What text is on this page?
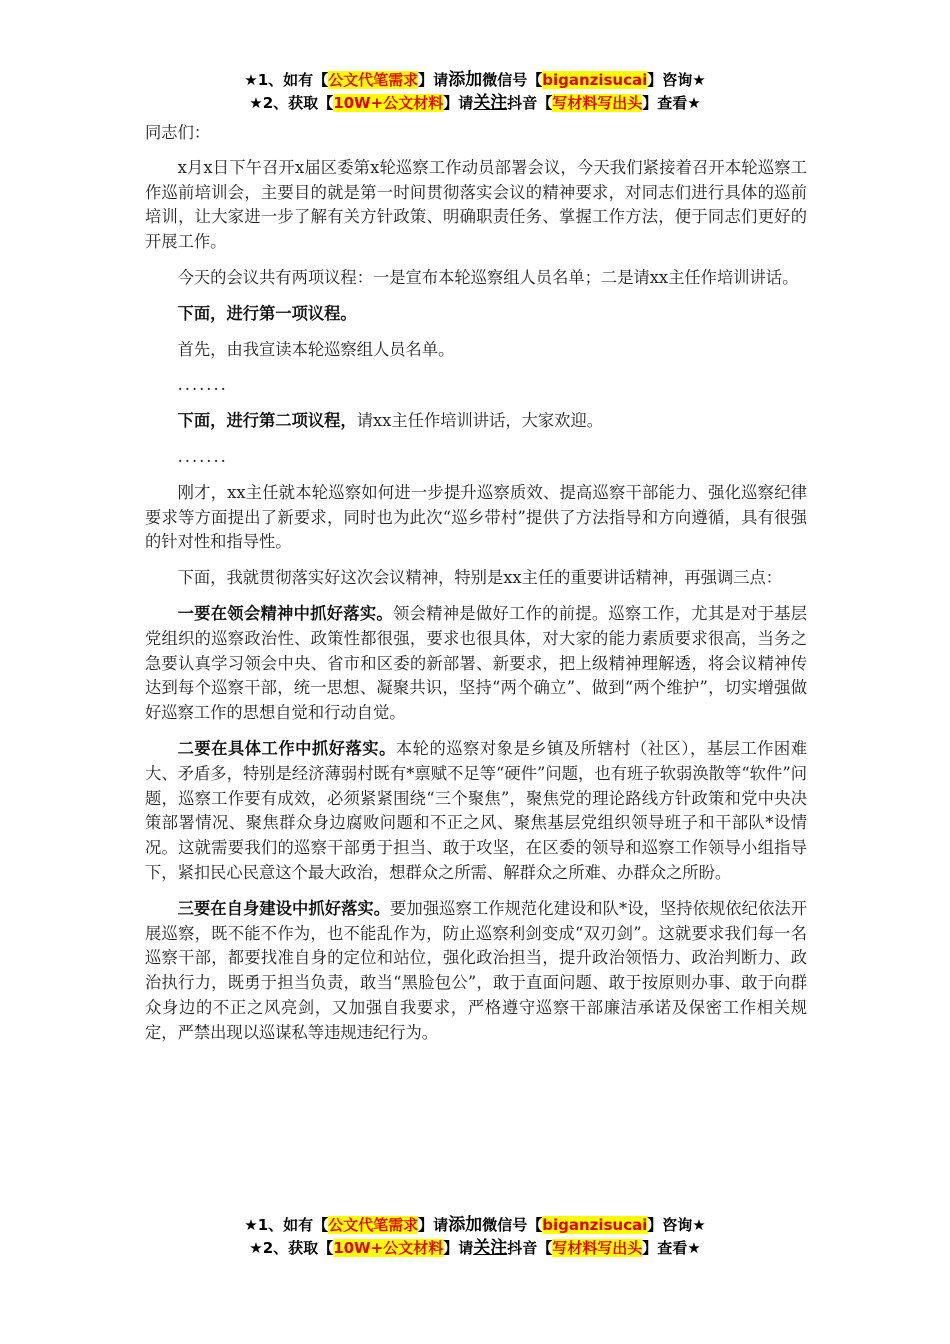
★1、如有【公文代笔需求】请添加微信号【biganzisucai】咨询★
★2、获取【10W+公文材料】请关注抖音【写材料写出头】查看★

同志们：

x月x日下午召开x届区委第x轮巡察工作动员部署会议，今天我们紧接着召开本轮巡察工作巡前培训会，主要目的就是第一时间贯彻落实会议的精神要求，对同志们进行具体的巡前培训，让大家进一步了解有关方针政策、明确职责任务、掌握工作方法，便于同志们更好的开展工作。

今天的会议共有两项议程：一是宣布本轮巡察组人员名单；二是请xx主任作培训讲话。

下面，进行第一项议程。

首先，由我宣读本轮巡察组人员名单。

.......

下面，进行第二项议程，请xx主任作培训讲话，大家欢迎。

.......

刚才，xx主任就本轮巡察如何进一步提升巡察质效、提高巡察干部能力、强化巡察纪律要求等方面提出了新要求，同时也为此次“巡乡带村”提供了方法指导和方向遵循，具有很强的针对性和指导性。

下面，我就贯彻落实好这次会议精神，特别是xx主任的重要讲话精神，再强调三点：

一要在领会精神中抓好落实。领会精神是做好工作的前提。巡察工作，尤其是对于基层党组织的巡察政治性、政策性都很强，要求也很具体，对大家的能力素质要求很高，当务之急要认真学习领会中央、省市和区委的新部署、新要求，把上级精神理解透，将会议精神传达到每个巡察干部，统一思想、凝聚共识，坚持“两个确立”、做到“两个维护”，切实增强做好巡察工作的思想自觉和行动自觉。

二要在具体工作中抓好落实。本轮的巡察对象是乡镇及所辖村（社区），基层工作困难大、矛盾多，特别是经济薄弱村既有*禀赋不足等“硬件”问题，也有班子软弱涣散等“软件”问题，巡察工作要有成效，必须紧紧围绕“三个聚焦”，聚焦党的理论路线方针政策和党中央决策部署情况、聚焦群众身边腐败问题和不正之风、聚焦基层党组织领导班子和干部队*设情况。这就需要我们的巡察干部勇于担当、敢于攻坚，在区委的领导和巡察工作领导小组指导下，紧扣民心民意这个最大政治，想群众之所需、解群众之所难、办群众之所盼。

三要在自身建设中抓好落实。要加强巡察工作规范化建设和队*设，坚持依规依纪依法开展巡察，既不能不作为，也不能乱作为，防止巡察利剑变成“双刃剑”。这就要求我们每一名巡察干部，都要找准自身的定位和站位，强化政治担当，提升政治领悟力、政治判断力、政治执行力，既勇于担当负责，敢当“黑脸包公”，敢于直面问题、敢于按原则办事、敢于向群众身边的不正之风亮剑，又加强自我要求，严格遵守巡察干部廉洁承诺及保密工作相关规定，严禁出现以巡谋私等违规违纪行为。

★1、如有【公文代笔需求】请添加微信号【biganzisucai】咨询★
★2、获取【10W+公文材料】请关注抖音【写材料写出头】查看★
